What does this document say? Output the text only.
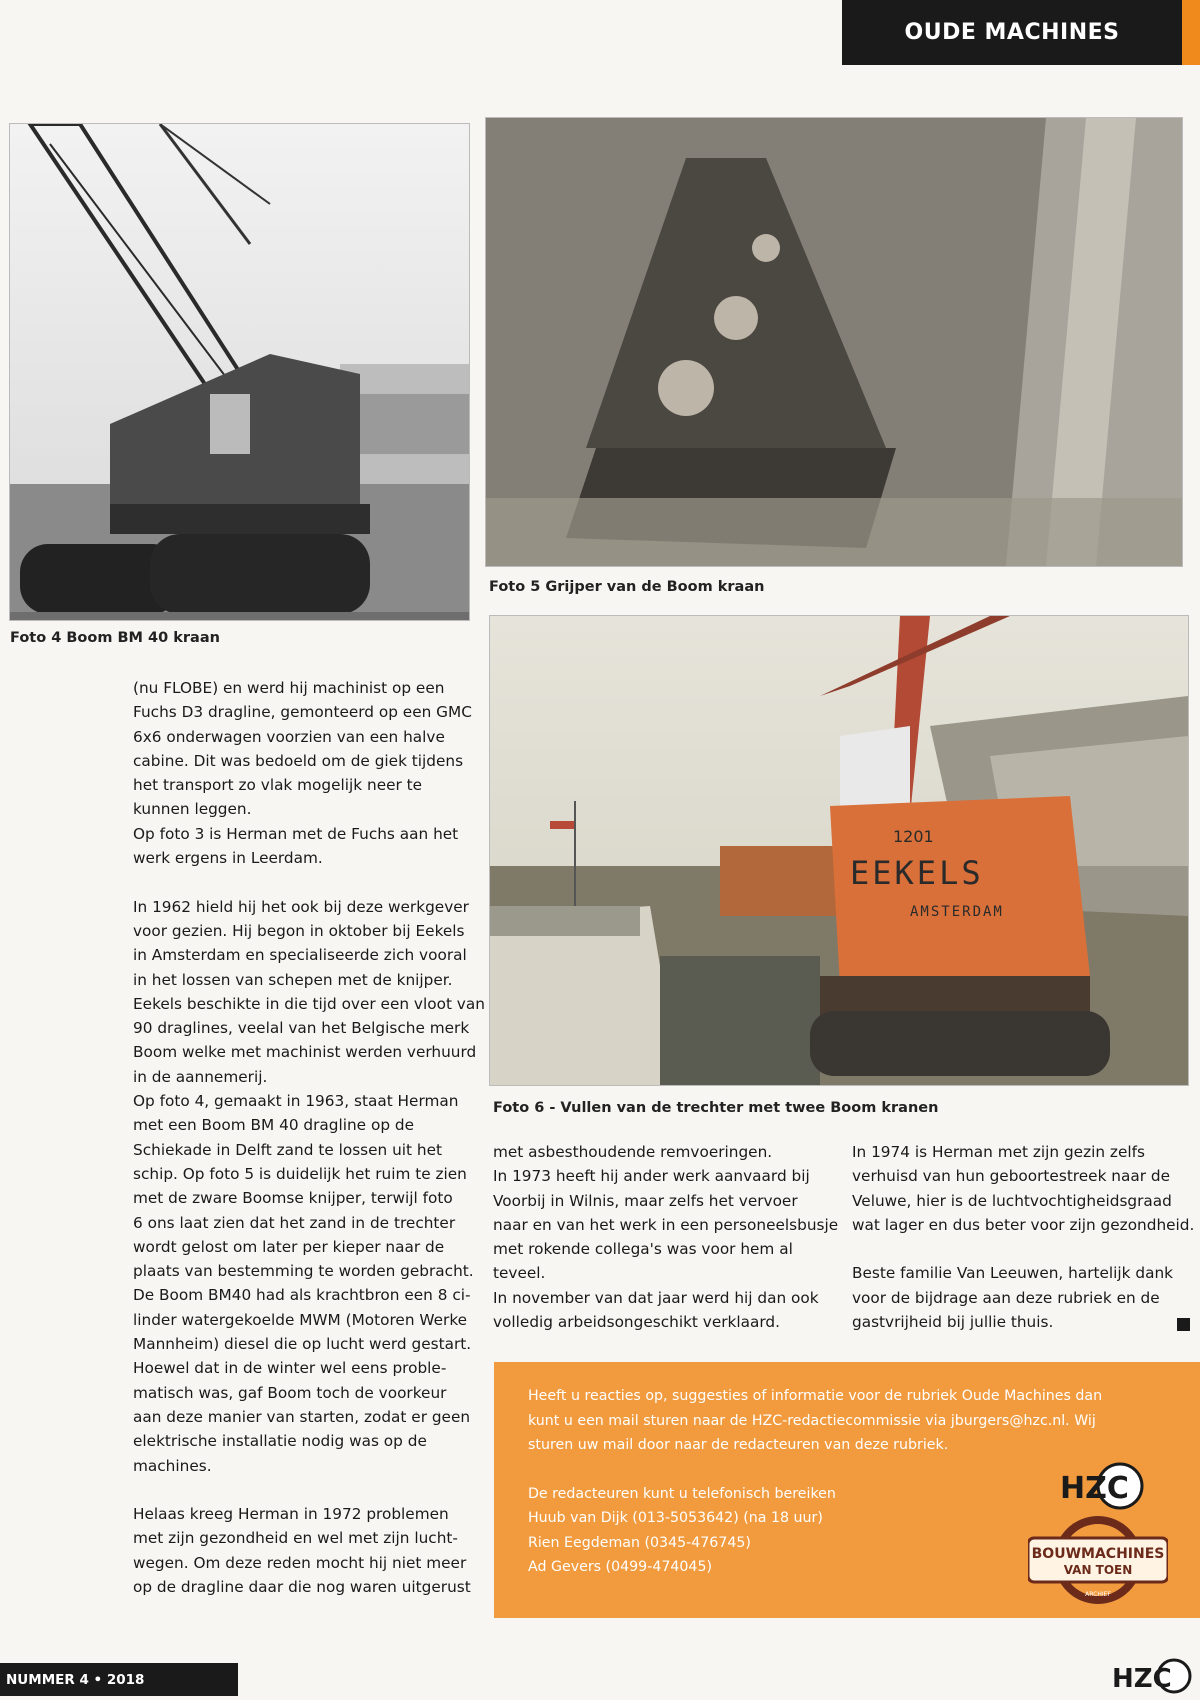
OUDE MACHINES
Foto 4 Boom BM 40 kraan
Foto 5 Grijper van de Boom kraan
1201
EEKELS
AMSTERDAM
Foto 6 - Vullen van de trechter met twee Boom kranen
(nu FLOBE) en werd hij machinist op een
Fuchs D3 dragline, gemonteerd op een GMC
6x6 onderwagen voorzien van een halve
cabine. Dit was bedoeld om de giek tijdens
het transport zo vlak mogelijk neer te
kunnen leggen.
Op foto 3 is Herman met de Fuchs aan het
werk ergens in Leerdam.
In 1962 hield hij het ook bij deze werkgever
voor gezien. Hij begon in oktober bij Eekels
in Amsterdam en specialiseerde zich vooral
in het lossen van schepen met de knijper.
Eekels beschikte in die tijd over een vloot van
90 draglines, veelal van het Belgische merk
Boom welke met machinist werden verhuurd
in de aannemerij.
Op foto 4, gemaakt in 1963, staat Herman
met een Boom BM 40 dragline op de
Schiekade in Delft zand te lossen uit het
schip. Op foto 5 is duidelijk het ruim te zien
met de zware Boomse knijper, terwijl foto
6 ons laat zien dat het zand in de trechter
wordt gelost om later per kieper naar de
plaats van bestemming te worden gebracht.
De Boom BM40 had als krachtbron een 8 ci-
linder watergekoelde MWM (Motoren Werke
Mannheim) diesel die op lucht werd gestart.
Hoewel dat in de winter wel eens proble-
matisch was, gaf Boom toch de voorkeur
aan deze manier van starten, zodat er geen
elektrische installatie nodig was op de
machines.
Helaas kreeg Herman in 1972 problemen
met zijn gezondheid en wel met zijn lucht-
wegen. Om deze reden mocht hij niet meer
op de dragline daar die nog waren uitgerust
met asbesthoudende remvoeringen.
In 1973 heeft hij ander werk aanvaard bij
Voorbij in Wilnis, maar zelfs het vervoer
naar en van het werk in een personeelsbusje
met rokende collega's was voor hem al
teveel.
In november van dat jaar werd hij dan ook
volledig arbeidsongeschikt verklaard.
In 1974 is Herman met zijn gezin zelfs
verhuisd van hun geboortestreek naar de
Veluwe, hier is de luchtvochtigheidsgraad
wat lager en dus beter voor zijn gezondheid.
Beste familie Van Leeuwen, hartelijk dank
voor de bijdrage aan deze rubriek en de
gastvrijheid bij jullie thuis.
Heeft u reacties op, suggesties of informatie voor de rubriek Oude Machines dan
kunt u een mail sturen naar de HZC-redactiecommissie via jburgers@hzc.nl. Wij
sturen uw mail door naar de redacteuren van deze rubriek.
De redacteuren kunt u telefonisch bereiken
Huub van Dijk (013-5053642) (na 18 uur)
Rien Eegdeman (0345-476745)
Ad Gevers (0499-474045)
HZC
BOUWMACHINES
VAN TOEN
ARCHIEF
NUMMER 4 • 2018	HZC
